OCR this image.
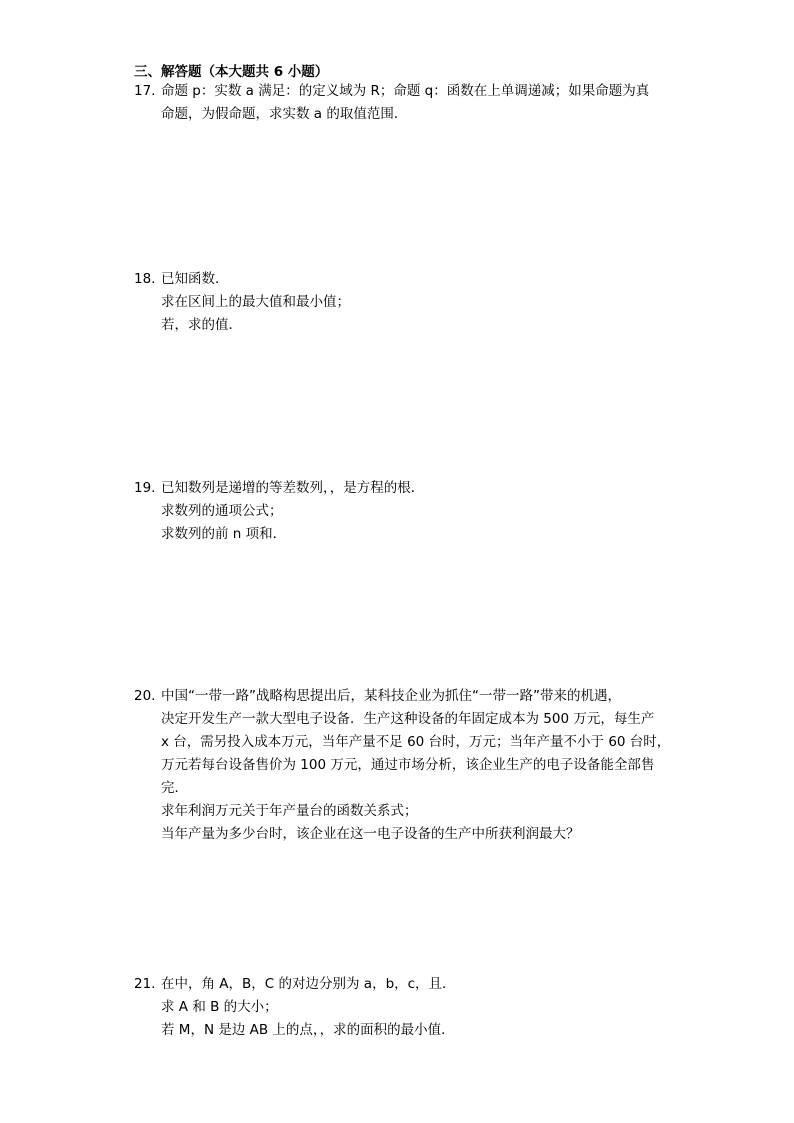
三、解答题（本大题共 6 小题）
17. 命题 p：实数 a 满足：的定义域为 R；命题 q：函数在上单调递减；如果命题为真
命题，为假命题，求实数 a 的取值范围．
18. 已知函数．
求在区间上的最大值和最小值；
若，求的值．
19. 已知数列是递增的等差数列，，是方程的根．
求数列的通项公式；
求数列的前 n 项和．
20. 中国“一带一路”战略构思提出后，某科技企业为抓住“一带一路”带来的机遇，
决定开发生产一款大型电子设备．生产这种设备的年固定成本为 500 万元，每生产
x 台，需另投入成本万元，当年产量不足 60 台时，万元；当年产量不小于 60 台时，
万元若每台设备售价为 100 万元，通过市场分析，该企业生产的电子设备能全部售
完．
求年利润万元关于年产量台的函数关系式；
当年产量为多少台时，该企业在这一电子设备的生产中所获利润最大？
21. 在中，角 A，B，C 的对边分别为 a，b，c，且．
求 A 和 B 的大小；
若 M，N 是边 AB 上的点，，求的面积的最小值．
